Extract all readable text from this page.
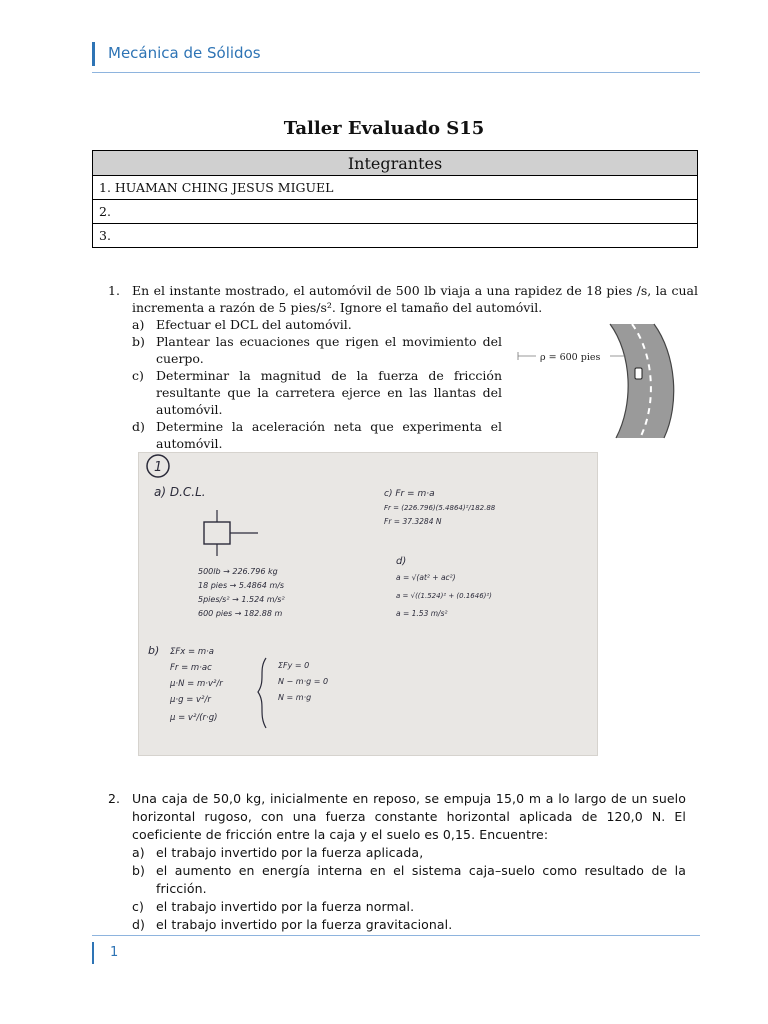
Mecánica de Sólidos
Taller Evaluado S15
Integrantes
1. HUAMAN CHING JESUS MIGUEL
2.
3.
1. En el instante mostrado, el automóvil de 500 lb viaja a una rapidez de 18 pies /s, la cual incrementa a razón de 5 pies/s². Ignore el tamaño del automóvil.
a) Efectuar el DCL del automóvil.
b) Plantear las ecuaciones que rigen el movimiento del cuerpo.
c) Determinar la magnitud de la fuerza de fricción resultante que la carretera ejerce en las llantas del automóvil.
d) Determine la aceleración neta que experimenta el automóvil.
ρ = 600 pies
1
a) D.C.L.
500lb → 226.796 kg
18 pies → 5.4864 m/s
5pies/s² → 1.524 m/s²
600 pies → 182.88 m
b) ΣFx = m·a
Fr = m·ac
μ·N = m·v²/r
μ·g = v²/r
μ = v²/(r·g)
ΣFy = 0
N − m·g = 0
N = m·g
c) Fr = m·a
Fr = (226.796)(5.4864)²/182.88
Fr = 37.3284 N
d)
a = √(at² + ac²)
a = √((1.524)² + (0.1646)²)
a = 1.53 m/s²
2. Una caja de 50,0 kg, inicialmente en reposo, se empuja 15,0 m a lo largo de un suelo horizontal rugoso, con una fuerza constante horizontal aplicada de 120,0 N. El coeficiente de fricción entre la caja y el suelo es 0,15. Encuentre:
a) el trabajo invertido por la fuerza aplicada,
b) el aumento en energía interna en el sistema caja–suelo como resultado de la fricción.
c) el trabajo invertido por la fuerza normal.
d) el trabajo invertido por la fuerza gravitacional.
1
